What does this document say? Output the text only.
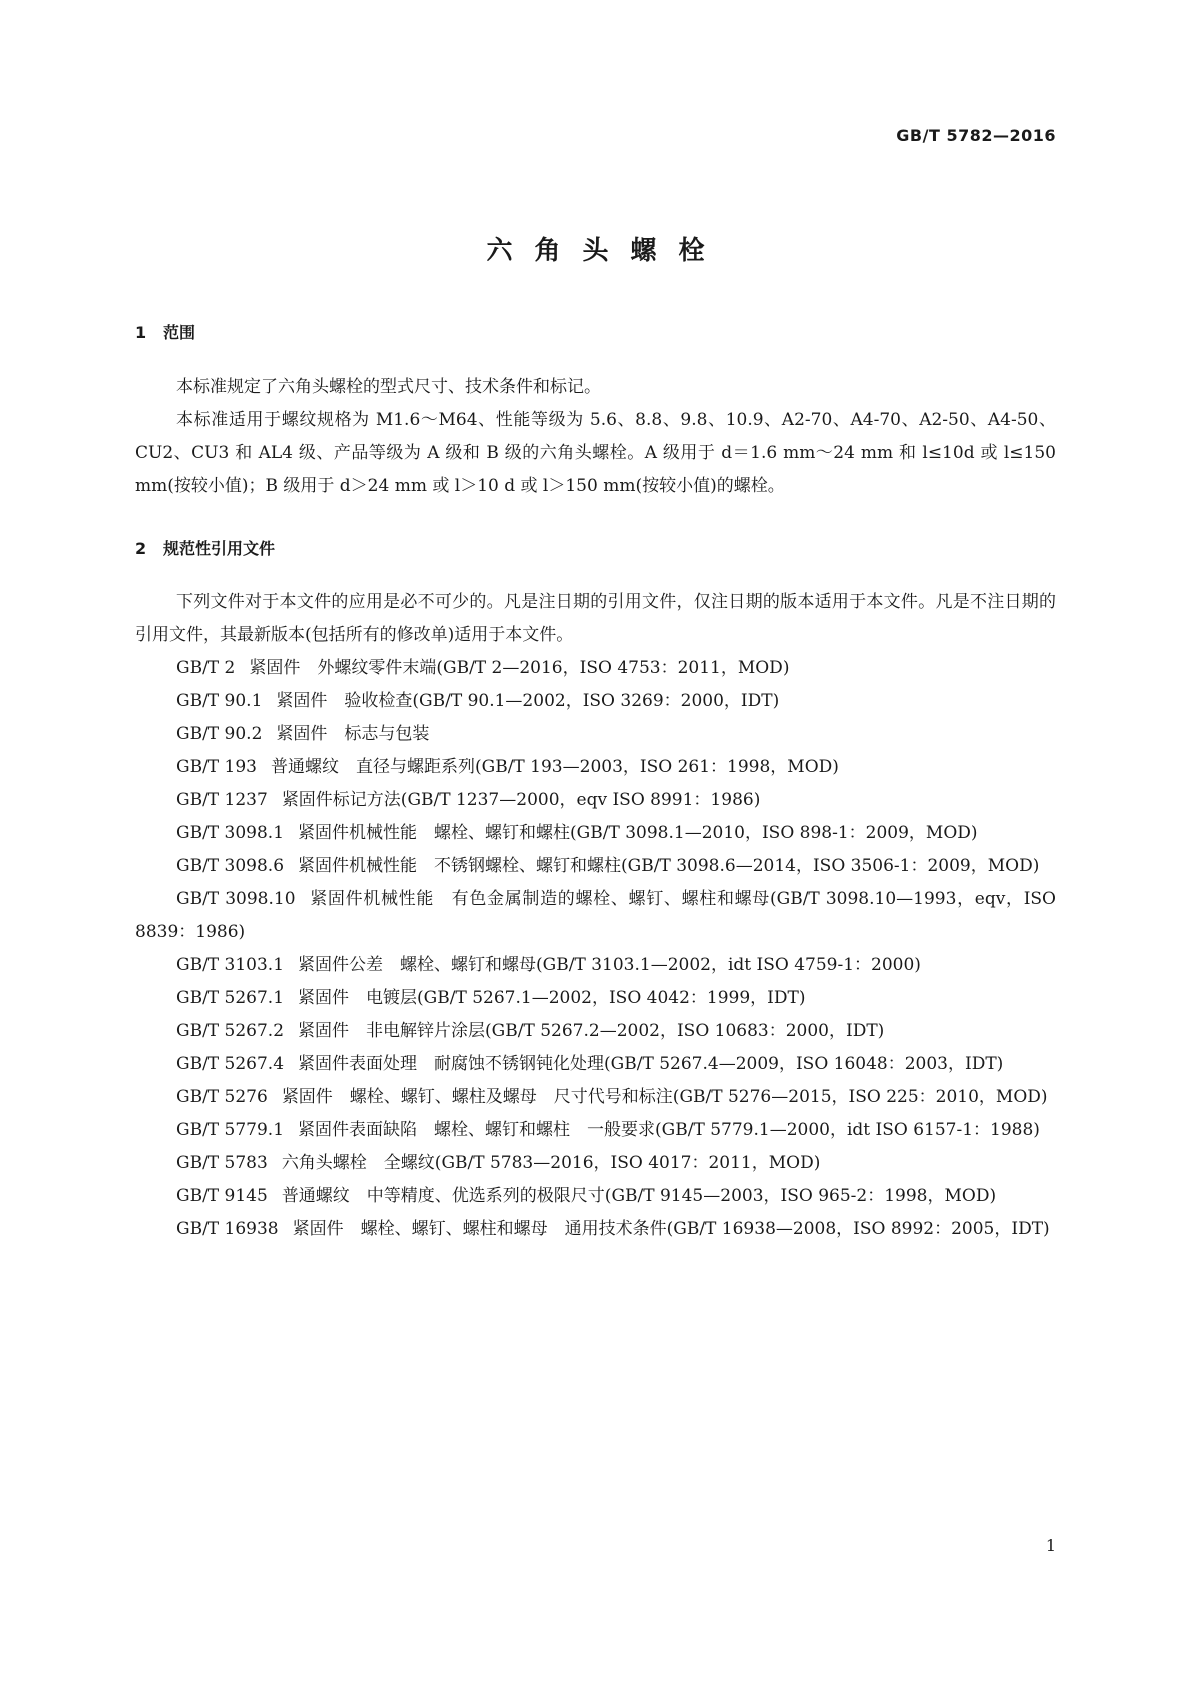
GB/T 5782—2016
六角头螺栓
1 范围

本标准规定了六角头螺栓的型式尺寸、技术条件和标记。

本标准适用于螺纹规格为 M1.6～M64、性能等级为 5.6、8.8、9.8、10.9、A2-70、A4-70、A2-50、A4-50、CU2、CU3 和 AL4 级、产品等级为 A 级和 B 级的六角头螺栓。A 级用于 d＝1.6 mm～24 mm 和 l≤10d 或 l≤150 mm(按较小值)；B 级用于 d＞24 mm 或 l＞10 d 或 l＞150 mm(按较小值)的螺栓。

2 规范性引用文件

下列文件对于本文件的应用是必不可少的。凡是注日期的引用文件，仅注日期的版本适用于本文件。凡是不注日期的引用文件，其最新版本(包括所有的修改单)适用于本文件。

GB/T 2 紧固件　外螺纹零件末端(GB/T 2—2016，ISO 4753：2011，MOD)

GB/T 90.1 紧固件　验收检查(GB/T 90.1—2002，ISO 3269：2000，IDT)

GB/T 90.2 紧固件　标志与包装

GB/T 193 普通螺纹　直径与螺距系列(GB/T 193—2003，ISO 261：1998，MOD)

GB/T 1237 紧固件标记方法(GB/T 1237—2000，eqv ISO 8991：1986)

GB/T 3098.1 紧固件机械性能　螺栓、螺钉和螺柱(GB/T 3098.1—2010，ISO 898-1：2009，MOD)

GB/T 3098.6 紧固件机械性能　不锈钢螺栓、螺钉和螺柱(GB/T 3098.6—2014，ISO 3506-1：2009，MOD)

GB/T 3098.10 紧固件机械性能　有色金属制造的螺栓、螺钉、螺柱和螺母(GB/T 3098.10—1993，eqv，ISO 8839：1986)

GB/T 3103.1 紧固件公差　螺栓、螺钉和螺母(GB/T 3103.1—2002，idt ISO 4759-1：2000)

GB/T 5267.1 紧固件　电镀层(GB/T 5267.1—2002，ISO 4042：1999，IDT)

GB/T 5267.2 紧固件　非电解锌片涂层(GB/T 5267.2—2002，ISO 10683：2000，IDT)

GB/T 5267.4 紧固件表面处理　耐腐蚀不锈钢钝化处理(GB/T 5267.4—2009，ISO 16048：2003，IDT)

GB/T 5276 紧固件　螺栓、螺钉、螺柱及螺母　尺寸代号和标注(GB/T 5276—2015，ISO 225：2010，MOD)

GB/T 5779.1 紧固件表面缺陷　螺栓、螺钉和螺柱　一般要求(GB/T 5779.1—2000，idt ISO 6157-1：1988)

GB/T 5783 六角头螺栓　全螺纹(GB/T 5783—2016，ISO 4017：2011，MOD)

GB/T 9145 普通螺纹　中等精度、优选系列的极限尺寸(GB/T 9145—2003，ISO 965-2：1998，MOD)

GB/T 16938 紧固件　螺栓、螺钉、螺柱和螺母　通用技术条件(GB/T 16938—2008，ISO 8992：2005，IDT)

1
